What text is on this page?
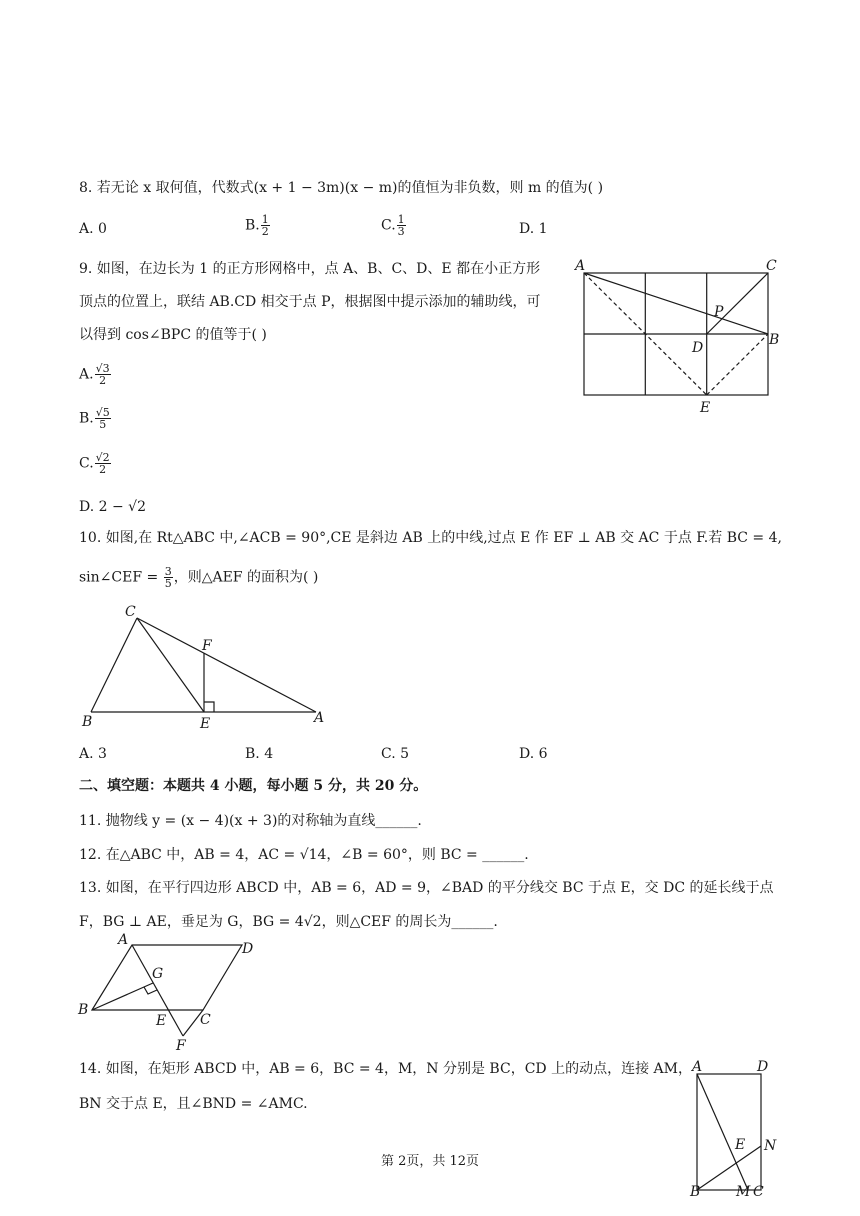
8. 若无论 x 取何值，代数式(x + 1 − 3m)(x − m)的值恒为非负数，则 m 的值为( )
A. 0	B. $\frac{1}{2}$	C. $\frac{1}{3}$	D. 1
9. 如图，在边长为 1 的正方形网格中，点 A、B、C、D、E 都在小正方形
顶点的位置上，联结 AB.CD 相交于点 P，根据图中提示添加的辅助线，可
以得到 cos∠BPC 的值等于( )
A. $\frac{√3}{2}$
B. $\frac{√5}{5}$
C. $\frac{√2}{2}$
D. 2 − √2
A	C
P
D	B
E
10. 如图,在 Rt△ABC 中,∠ACB = 90°,CE 是斜边 AB 上的中线,过点 E 作 EF ⊥ AB 交 AC 于点 F.若 BC = 4,
sin∠CEF = $\frac{3}{5}$ ，则△AEF 的面积为( )
C
F
B	E	A
A. 3	B. 4	C. 5	D. 6
二、填空题：本题共 4 小题，每小题 5 分，共 20 分。
11. 抛物线 y = (x − 4)(x + 3)的对称轴为直线______.
12. 在△ABC 中，AB = 4，AC = √14，∠B = 60°，则 BC = ______.
13. 如图，在平行四边形 ABCD 中，AB = 6，AD = 9，∠BAD 的平分线交 BC 于点 E，交 DC 的延长线于点
F，BG ⊥ AE，垂足为 G，BG = 4√2，则△CEF 的周长为______.
A
D
G
B
E C
F
14. 如图，在矩形 ABCD 中，AB = 6，BC = 4，M，N 分别是 BC，CD 上的动点，连接 AM，
BN 交于点 E，且∠BND = ∠AMC.
A	D
E N
B	M C
第 2页，共 12页
